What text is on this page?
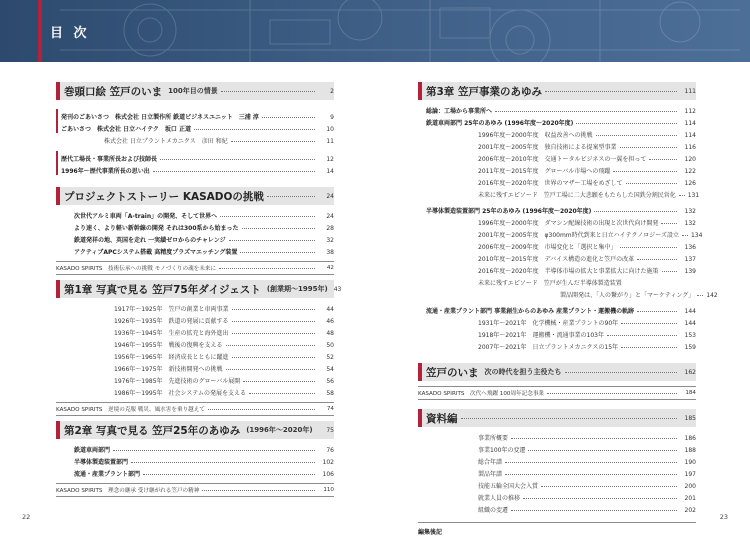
目 次
巻頭口絵 笠戸のいま 100年目の情景	2
発刊のごあいさつ　株式会社 日立製作所 鉄道ビジネスユニット　三浦 淳	9
ごあいさつ　株式会社 日立ハイテク　坂口 正道	10
株式会社 日立プラントメカニクス　彦田 和紀	11
歴代工場長・事業所長および技師長	12
1996年〜歴代事業所長の思い出	14
プロジェクトストーリー KASADOの挑戦	24
次世代アルミ車両「A-train」の開発、そして世界へ	24
より速く、より軽い新幹線の開発 それは300系から始まった	28
鉄道発祥の地、英国を走れ 一実績ゼロからのチャレンジ	32
アクティブAPCシステム搭載 高精度プラズマエッチング装置	38
KASADO SPIRITS　技術伝承への挑戦 モノづくりの魂を未来に	42
第1章 写真で見る 笠戸75年ダイジェスト (創業期〜1995年) 43
1917年〜1925年　笠戸の創業と車両事業	44
1926年〜1935年　鉄道の発展に貢献する	46
1936年〜1945年　生産の拡充と海外進出	48
1946年〜1955年　戦後の復興を支える	50
1956年〜1965年　経済成長とともに躍進	52
1966年〜1975年　新技術開発への挑戦	54
1976年〜1985年　先進技術のグローバル展開	56
1986年〜1995年　社会システムの発展を支える	58
KASADO SPIRITS　逆境の克服 戦災、風水害を乗り越えて	74
第2章 写真で見る 笠戸25年のあゆみ (1996年〜2020年)	75
鉄道車両部門	76
半導体製造装置部門	102
流通・産業プラント部門	106
KASADO SPIRITS　理念の継承 受け継がれる笠戸の精神	110
第3章 笠戸事業のあゆみ	111
総論：工場から事業所へ	112
鉄道車両部門 25年のあゆみ (1996年度〜2020年度)	114
1996年度〜2000年度　収益改善への挑戦	114
2001年度〜2005年度　独自技術による提案型事業	116
2006年度〜2010年度　交通トータルビジネスの一翼を担って	120
2011年度〜2015年度　グローバル市場への飛躍	122
2016年度〜2020年度　世界のマザー工場をめざして	126
未来に残すエピソード　笠戸工場に二大悲願をもたらした国鉄分割民営化 131
半導体製造装置部門 25年のあゆみ (1996年度〜2020年度)	132
1996年度〜2000年度　ダマシン配線技術の出現と次世代向け開発	132
2001年度〜2005年度　φ300mm時代到来と日立ハイテクノロジーズ設立 134
2006年度〜2009年度　市場変化と「選択と集中」	136
2010年度〜2015年度　デバイス構造の進化と笠戸の改革	137
2016年度〜2020年度　半導体市場の拡大と事業拡大に向けた施策	139
未来に残すエピソード　笠戸が生んだ半導体製造装置
製品開発は、「人の繋がり」と「マーケティング」 142
流通・産業プラント部門 事業創生からのあゆみ 産業プラント・運搬機の軌跡	144
1931年〜2021年　化学機械・産業プラントの90年	144
1918年〜2021年　運搬機・流通事業の103年	153
2007年〜2021年　日立プラントメカニクスの15年	159
笠戸のいま 次の時代を担う主役たち	162
KASADO SPIRITS　次代へ飛躍 100周年記念事業	184
資料編	185
事業所概要	186
事業100年の変遷	188
総合年譜	190
製品年譜	197
技能五輪全国大会入賞	200
就業人員の推移	201
組織の変遷	202
編集後記
22	23
